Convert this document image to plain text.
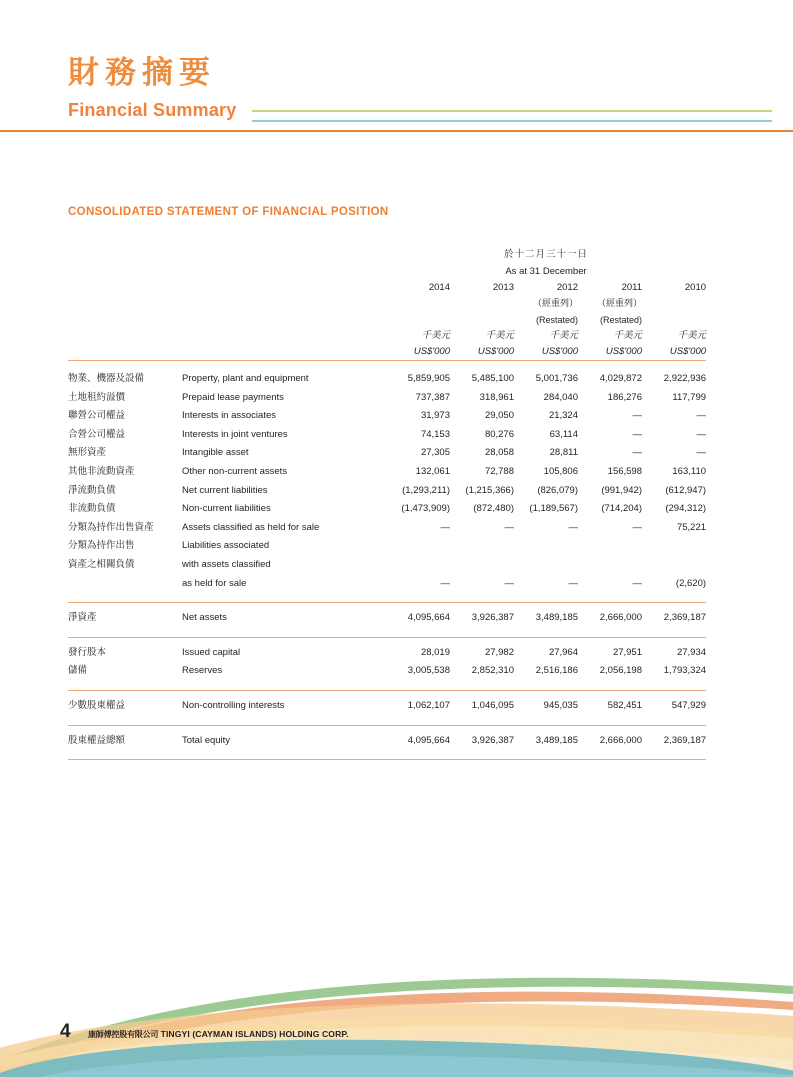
財務摘要
Financial Summary
CONSOLIDATED STATEMENT OF FINANCIAL POSITION
		於十二月三十一日				
		As at 31 December				
		2014	2013	2012	2011	2010
				（經重列）	（經重列）	
				(Restated)	(Restated)	
		千美元	千美元	千美元	千美元	千美元
		US$'000	US$'000	US$'000	US$'000	US$'000

物業、機器及設備	Property, plant and equipment	5,859,905	5,485,100	5,001,736	4,029,872	2,922,936
土地租約溢價	Prepaid lease payments	737,387	318,961	284,040	186,276	117,799
聯營公司權益	Interests in associates	31,973	29,050	21,324	—	—
合營公司權益	Interests in joint ventures	74,153	80,276	63,114	—	—
無形資產	Intangible asset	27,305	28,058	28,811	—	—
其他非流動資產	Other non-current assets	132,061	72,788	105,806	156,598	163,110
淨流動負債	Net current liabilities	(1,293,211)	(1,215,366)	(826,079)	(991,942)	(612,947)
非流動負債	Non-current liabilities	(1,473,909)	(872,480)	(1,189,567)	(714,204)	(294,312)
分類為持作出售資產	Assets classified as held for sale	—	—	—	—	75,221
分類為持作出售	Liabilities associated					
資產之相關負債	with assets classified					
	as held for sale	—	—	—	—	(2,620)

淨資產	Net assets	4,095,664	3,926,387	3,489,185	2,666,000	2,369,187

發行股本	Issued capital	28,019	27,982	27,964	27,951	27,934
儲備	Reserves	3,005,538	2,852,310	2,516,186	2,056,198	1,793,324

少數股東權益	Non-controlling interests	1,062,107	1,046,095	945,035	582,451	547,929

股東權益總額	Total equity	4,095,664	3,926,387	3,489,185	2,666,000	2,369,187

4 康師傅控股有限公司 TINGYI (CAYMAN ISLANDS) HOLDING CORP.
